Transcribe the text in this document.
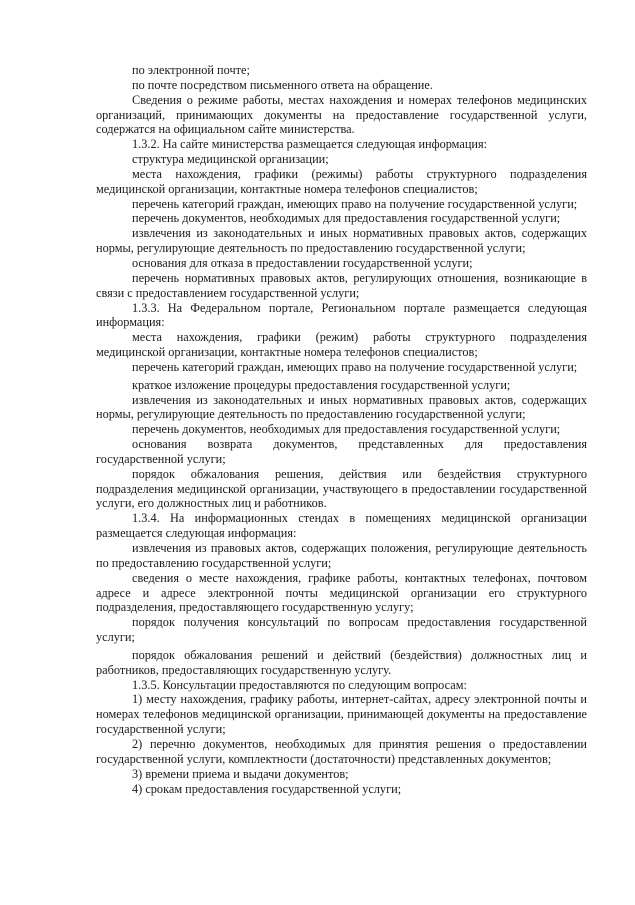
по электронной почте;

по почте посредством письменного ответа на обращение.

Сведения о режиме работы, местах нахождения и номерах телефонов медицинских организаций, принимающих документы на предоставление государственной услуги, содержатся на официальном сайте министерства.

1.3.2. На сайте министерства размещается следующая информация:

структура медицинской организации;

места нахождения, графики (режимы) работы структурного подразделения медицинской организации, контактные номера телефонов специалистов;

перечень категорий граждан, имеющих право на получение государственной услуги;

перечень документов, необходимых для предоставления государственной услуги;

извлечения из законодательных и иных нормативных правовых актов, содержащих нормы, регулирующие деятельность по предоставлению государственной услуги;

основания для отказа в предоставлении государственной услуги;

перечень нормативных правовых актов, регулирующих отношения, возникающие в связи с предоставлением государственной услуги;

1.3.3. На Федеральном портале, Региональном портале размещается следующая информация:

места нахождения, графики (режим) работы структурного подразделения медицинской организации, контактные номера телефонов специалистов;

перечень категорий граждан, имеющих право на получение государственной услуги;

краткое изложение процедуры предоставления государственной услуги;

извлечения из законодательных и иных нормативных правовых актов, содержащих нормы, регулирующие деятельность по предоставлению государственной услуги;

перечень документов, необходимых для предоставления государственной услуги;

основания возврата документов, представленных для предоставления государственной услуги;

порядок обжалования решения, действия или бездействия структурного подразделения медицинской организации, участвующего в предоставлении государственной услуги, его должностных лиц и работников.

1.3.4. На информационных стендах в помещениях медицинской организации размещается следующая информация:

извлечения из правовых актов, содержащих положения, регулирующие деятельность по предоставлению государственной услуги;

сведения о месте нахождения, графике работы, контактных телефонах, почтовом адресе и адресе электронной почты медицинской организации его структурного подразделения, предоставляющего государственную услугу;

порядок получения консультаций по вопросам предоставления государственной услуги;

порядок обжалования решений и действий (бездействия) должностных лиц и работников, предоставляющих государственную услугу.

1.3.5. Консультации предоставляются по следующим вопросам:

1) месту нахождения, графику работы, интернет-сайтах, адресу электронной почты и номерах телефонов медицинской организации, принимающей документы на предоставление государственной услуги;

2) перечню документов, необходимых для принятия решения о предоставлении государственной услуги, комплектности (достаточности) представленных документов;

3) времени приема и выдачи документов;

4) срокам предоставления государственной услуги;
